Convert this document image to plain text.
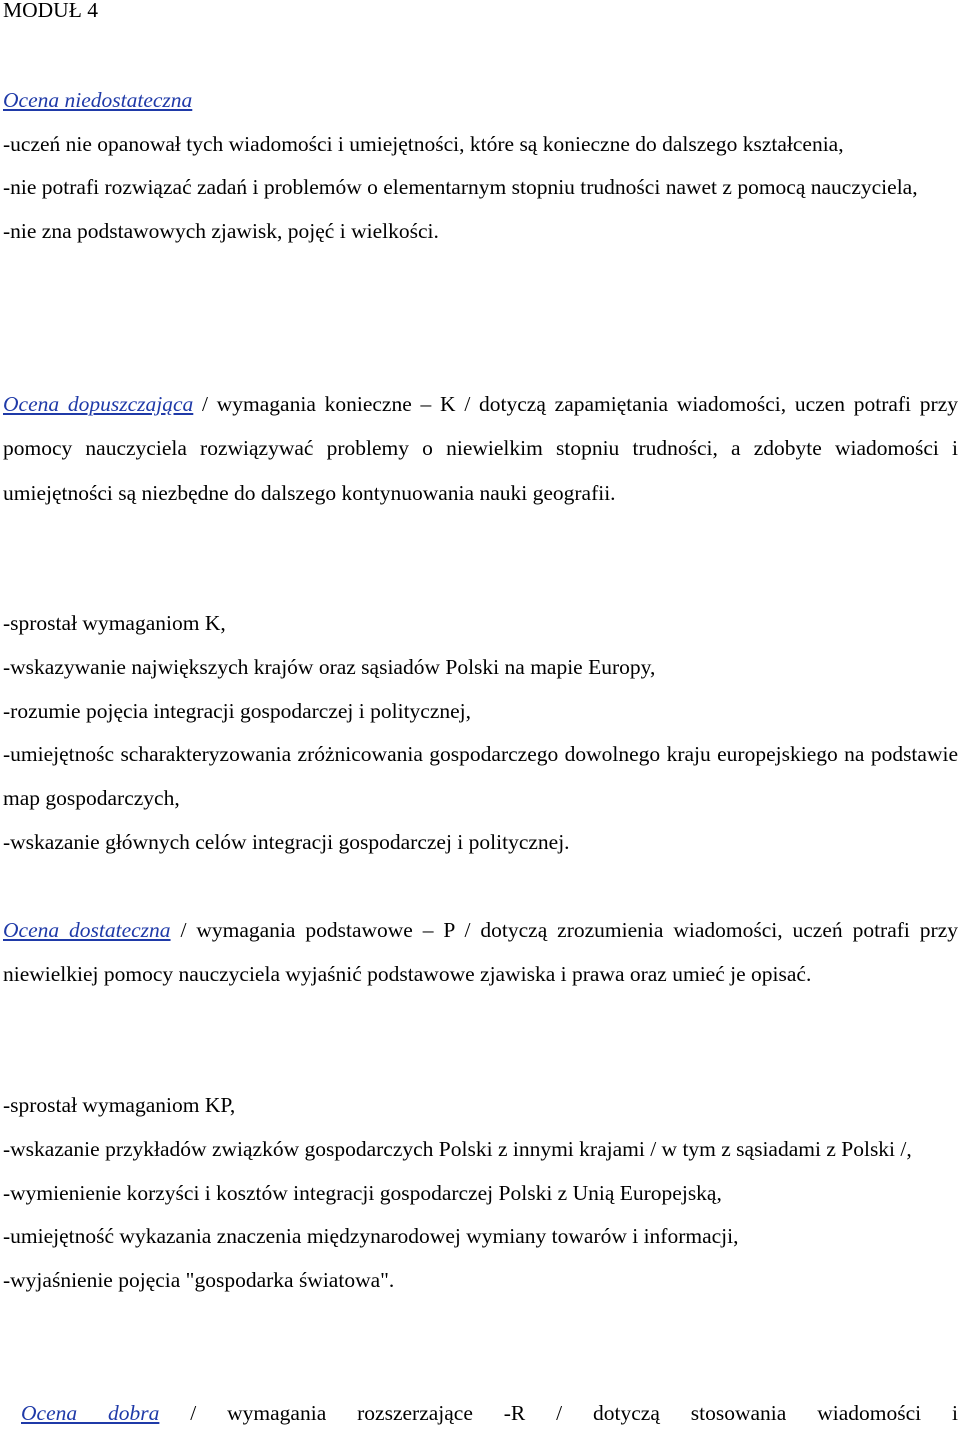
MODUŁ 4

Ocena niedostateczna

-uczeń nie opanował tych wiadomości i umiejętności, które są konieczne do dalszego kształcenia,

-nie potrafi rozwiązać zadań i problemów o elementarnym stopniu trudności nawet z pomocą nauczyciela,

-nie zna podstawowych zjawisk, pojęć i wielkości.

Ocena dopuszczająca / wymagania konieczne – K / dotyczą zapamiętania wiadomości, uczen potrafi przy pomocy nauczyciela rozwiązywać problemy o niewielkim stopniu trudności, a zdobyte wiadomości i umiejętności są niezbędne do dalszego kontynuowania nauki geografii.

-sprostał wymaganiom K,

-wskazywanie największych krajów oraz sąsiadów Polski na mapie Europy,

-rozumie pojęcia integracji gospodarczej i politycznej,

-umiejętnośc scharakteryzowania zróżnicowania gospodarczego dowolnego kraju europejskiego na podstawie map gospodarczych,

-wskazanie głównych celów integracji gospodarczej i politycznej.

Ocena dostateczna / wymagania podstawowe – P / dotyczą zrozumienia wiadomości, uczeń potrafi przy niewielkiej pomocy nauczyciela wyjaśnić podstawowe zjawiska i prawa oraz umieć je opisać.

-sprostał wymaganiom KP,

-wskazanie przykładów związków gospodarczych Polski z innymi krajami / w tym z sąsiadami z Polski /,

-wymienienie korzyści i kosztów integracji gospodarczej Polski z Unią Europejską,

-umiejętność wykazania znaczenia międzynarodowej wymiany towarów i informacji,

-wyjaśnienie pojęcia "gospodarka światowa".

Ocena dobra / wymagania rozszerzające -R / dotyczą stosowania wiadomości i
